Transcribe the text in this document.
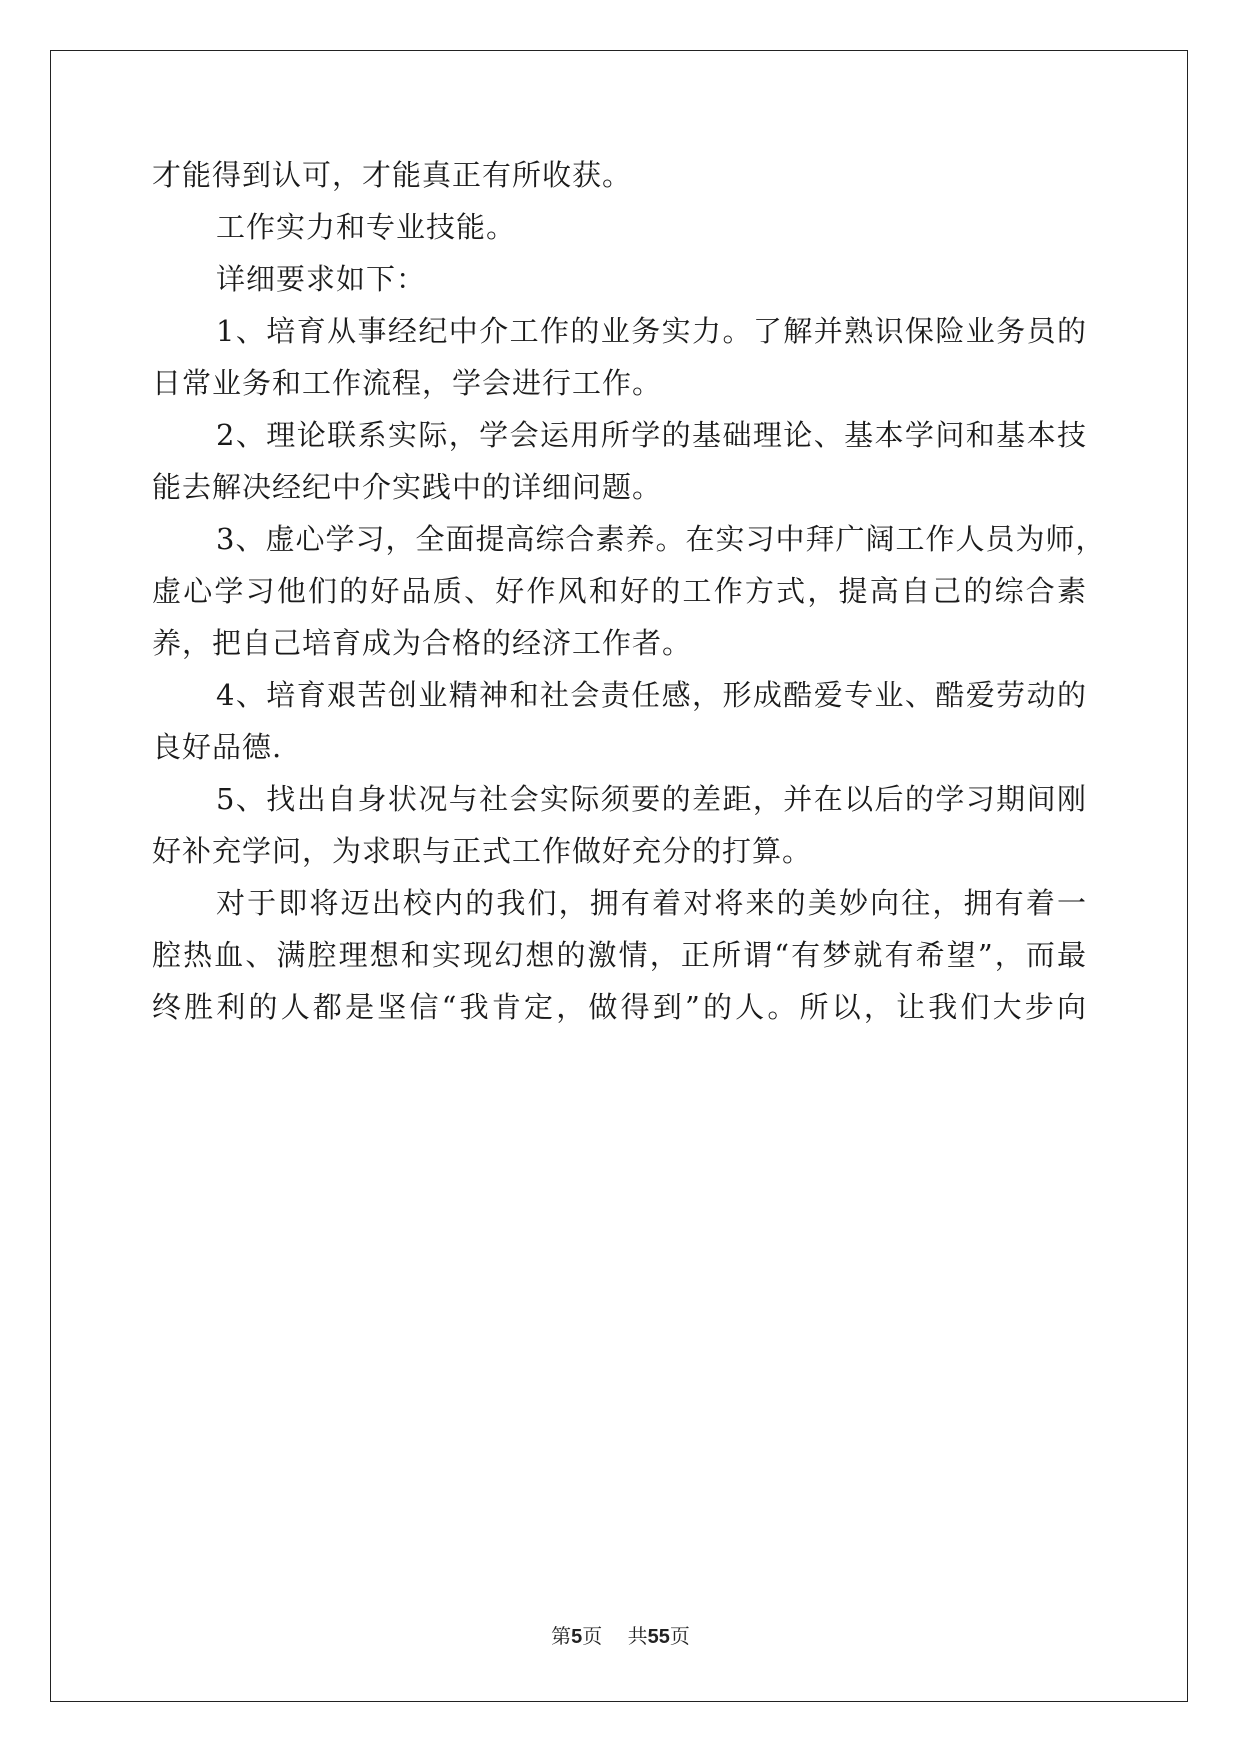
才能得到认可，才能真正有所收获。
工作实力和专业技能。
详细要求如下：
1、培育从事经纪中介工作的业务实力。了解并熟识保险业务员的
日常业务和工作流程，学会进行工作。
2、理论联系实际，学会运用所学的基础理论、基本学问和基本技
能去解决经纪中介实践中的详细问题。
3、虚心学习，全面提高综合素养。在实习中拜广阔工作人员为师，
虚心学习他们的好品质、好作风和好的工作方式，提高自己的综合素
养，把自己培育成为合格的经济工作者。
4、培育艰苦创业精神和社会责任感，形成酷爱专业、酷爱劳动的
良好品德.
5、找出自身状况与社会实际须要的差距，并在以后的学习期间刚
好补充学问，为求职与正式工作做好充分的打算。
对于即将迈出校内的我们，拥有着对将来的美妙向往，拥有着一
腔热血、满腔理想和实现幻想的激情，正所谓“有梦就有希望”，而最
终胜利的人都是坚信“我肯定，做得到”的人。所以，让我们大步向
第5页 共55页
